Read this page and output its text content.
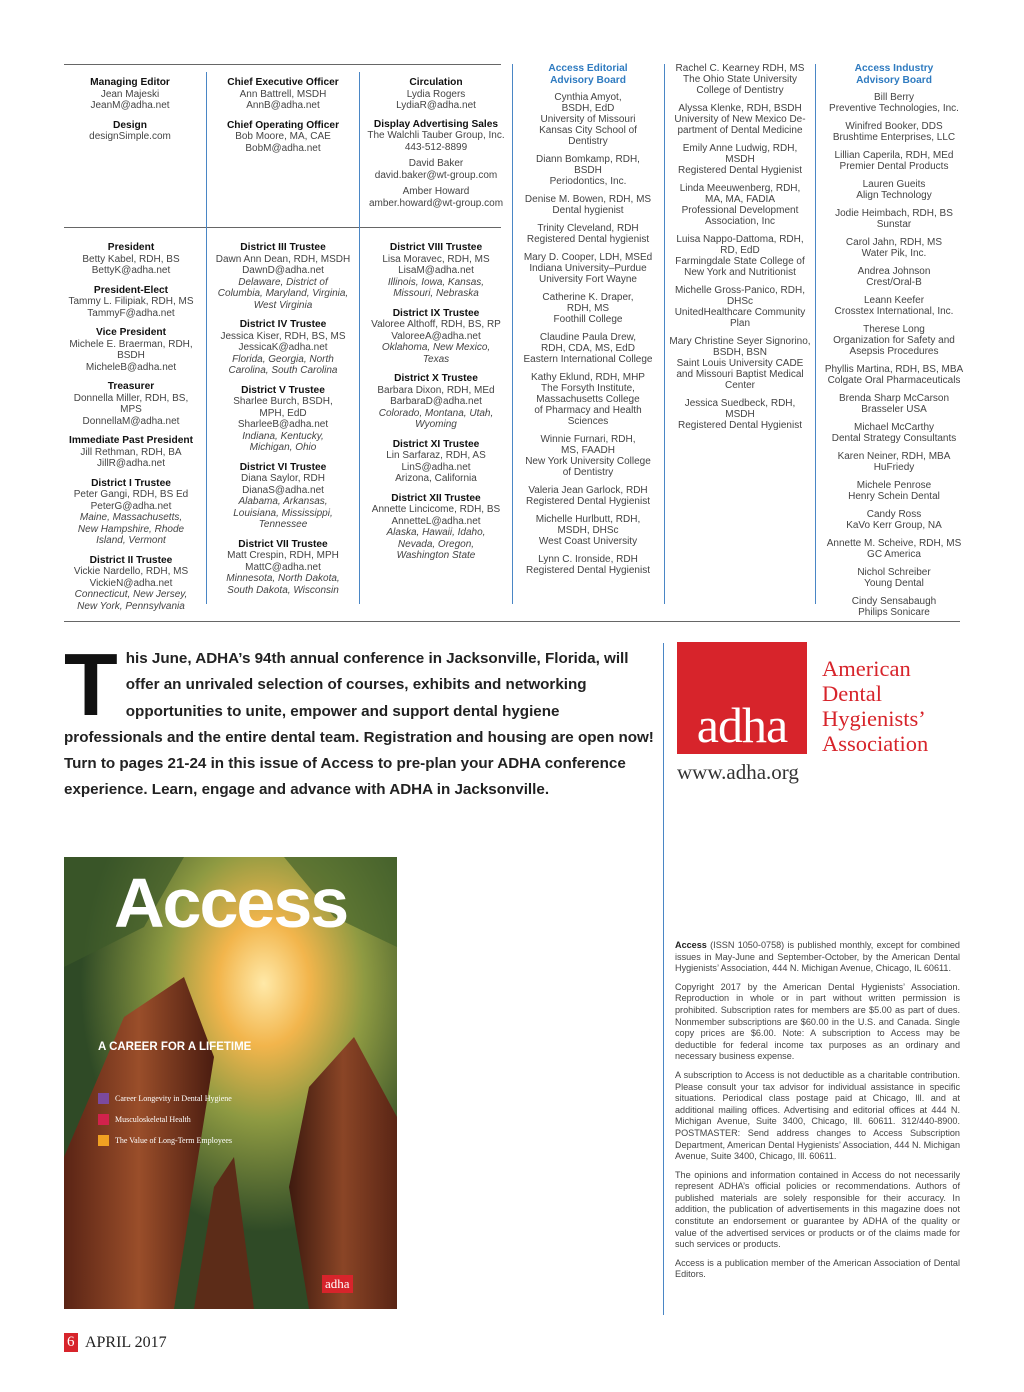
Managing Editor
Jean Majeski
JeanM@adha.net
Design
designSimple.com
Chief Executive Officer
Ann Battrell, MSDH
AnnB@adha.net
Chief Operating Officer
Bob Moore, MA, CAE
BobM@adha.net
Circulation
Lydia Rogers
LydiaR@adha.net
Display Advertising Sales
The Walchli Tauber Group, Inc.
443-512-8899
David Baker
david.baker@wt-group.com
Amber Howard
amber.howard@wt-group.com
President
Betty Kabel, RDH, BS
BettyK@adha.net
President-Elect
Tammy L. Filipiak, RDH, MS
TammyF@adha.net
Vice President
Michele E. Braerman, RDH,
BSDH
MicheleB@adha.net
Treasurer
Donnella Miller, RDH, BS, MPS
DonnellaM@adha.net
Immediate Past President
Jill Rethman, RDH, BA
JillR@adha.net
District I Trustee
Peter Gangi, RDH, BS Ed
PeterG@adha.net
Maine, Massachusetts,
New Hampshire, Rhode
Island, Vermont
District II Trustee
Vickie Nardello, RDH, MS
VickieN@adha.net
Connecticut, New Jersey,
New York, Pennsylvania
District III Trustee
Dawn Ann Dean, RDH, MSDH
DawnD@adha.net
Delaware, District of
Columbia, Maryland, Virginia,
West Virginia
District IV Trustee
Jessica Kiser, RDH, BS, MS
JessicaK@adha.net
Florida, Georgia, North
Carolina, South Carolina
District V Trustee
Sharlee Burch, BSDH,
MPH, EdD
SharleeB@adha.net
Indiana, Kentucky,
Michigan, Ohio
District VI Trustee
Diana Saylor, RDH
DianaS@adha.net
Alabama, Arkansas,
Louisiana, Mississippi,
Tennessee
District VII Trustee
Matt Crespin, RDH, MPH
MattC@adha.net
Minnesota, North Dakota,
South Dakota, Wisconsin
District VIII Trustee
Lisa Moravec, RDH, MS
LisaM@adha.net
Illinois, Iowa, Kansas,
Missouri, Nebraska
District IX Trustee
Valoree Althoff, RDH, BS, RP
ValoreeA@adha.net
Oklahoma, New Mexico,
Texas
District X Trustee
Barbara Dixon, RDH, MEd
BarbaraD@adha.net
Colorado, Montana, Utah,
Wyoming
District XI Trustee
Lin Sarfaraz, RDH, AS
LinS@adha.net
Arizona, California
District XII Trustee
Annette Lincicome, RDH, BS
AnnetteL@adha.net
Alaska, Hawaii, Idaho,
Nevada, Oregon,
Washington State
Access Editorial
Advisory Board
Cynthia Amyot,
BSDH, EdD
University of Missouri
Kansas City School of
Dentistry
Diann Bomkamp, RDH,
BSDH
Periodontics, Inc.
Denise M. Bowen, RDH, MS
Dental hygienist
Trinity Cleveland, RDH
Registered Dental hygienist
Mary D. Cooper, LDH, MSEd
Indiana University–Purdue
University Fort Wayne
Catherine K. Draper,
RDH, MS
Foothill College
Claudine Paula Drew,
RDH, CDA, MS, EdD
Eastern International College
Kathy Eklund, RDH, MHP
The Forsyth Institute,
Massachusetts College
of Pharmacy and Health
Sciences
Winnie Furnari, RDH,
MS, FAADH
New York University College
of Dentistry
Valeria Jean Garlock, RDH
Registered Dental Hygienist
Michelle Hurlbutt, RDH,
MSDH, DHSc
West Coast University
Lynn C. Ironside, RDH
Registered Dental Hygienist
Rachel C. Kearney RDH, MS
The Ohio State University
College of Dentistry
Alyssa Klenke, RDH, BSDH
University of New Mexico De-
partment of Dental Medicine
Emily Anne Ludwig, RDH,
MSDH
Registered Dental Hygienist
Linda Meeuwenberg, RDH,
MA, MA, FADIA
Professional Development
Association, Inc
Luisa Nappo-Dattoma, RDH,
RD, EdD
Farmingdale State College of
New York and Nutritionist
Michelle Gross-Panico, RDH,
DHSc
UnitedHealthcare Community
Plan
Mary Christine Seyer Signorino,
BSDH, BSN
Saint Louis University CADE
and Missouri Baptist Medical
Center
Jessica Suedbeck, RDH, MSDH
Registered Dental Hygienist
Access Industry
Advisory Board
Bill Berry
Preventive Technologies, Inc.
Winifred Booker, DDS
Brushtime Enterprises, LLC
Lillian Caperila, RDH, MEd
Premier Dental Products
Lauren Gueits
Align Technology
Jodie Heimbach, RDH, BS
Sunstar
Carol Jahn, RDH, MS
Water Pik, Inc.
Andrea Johnson
Crest/Oral-B
Leann Keefer
Crosstex International, Inc.
Therese Long
Organization for Safety and
Asepsis Procedures
Phyllis Martina, RDH, BS, MBA
Colgate Oral Pharmaceuticals
Brenda Sharp McCarson
Brasseler USA
Michael McCarthy
Dental Strategy Consultants
Karen Neiner, RDH, MBA
HuFriedy
Michele Penrose
Henry Schein Dental
Candy Ross
KaVo Kerr Group, NA
Annette M. Scheive, RDH, MS
GC America
Nichol Schreiber
Young Dental
Cindy Sensabaugh
Philips Sonicare
This June, ADHA’s 94th annual conference in Jacksonville, Florida, will offer an unrivaled selection of courses, exhibits and networking opportunities to unite, empower and support dental hygiene professionals and the entire dental team. Registration and housing are open now! Turn to pages 21-24 in this issue of Access to pre-plan your ADHA conference experience. Learn, engage and advance with ADHA in Jacksonville.
adha
American
Dental
Hygienists’
Association
www.adha.org
Access
A CAREER FOR A LIFETIME
Career Longevity in Dental Hygiene
Musculoskeletal Health
The Value of Long-Term Employees
adha

Access (ISSN 1050-0758) is published monthly, except for combined issues in May-June and September-October, by the American Dental Hygienists’ Association, 444 N. Michigan Avenue, Chicago, IL 60611.

Copyright 2017 by the American Dental Hygienists’ Association. Reproduction in whole or in part without written permission is prohibited. Subscription rates for members are $5.00 as part of dues. Nonmember subscriptions are $60.00 in the U.S. and Canada. Single copy prices are $6.00. Note: A subscription to Access may be deductible for federal income tax purposes as an ordinary and necessary business expense.

A subscription to Access is not deductible as a charitable contribution. Please consult your tax advisor for individual assistance in specific situations. Periodical class postage paid at Chicago, Ill. and at additional mailing offices. Advertising and editorial offices at 444 N. Michigan Avenue, Suite 3400, Chicago, Ill. 60611. 312/440-8900. POSTMASTER: Send address changes to Access Subscription Department, American Dental Hygienists’ Association, 444 N. Michigan Avenue, Suite 3400, Chicago, Ill. 60611.

The opinions and information contained in Access do not necessarily represent ADHA’s official policies or recommendations. Authors of published materials are solely responsible for their accuracy. In addition, the publication of advertisements in this magazine does not constitute an endorsement or guarantee by ADHA of the quality or value of the advertised services or products or of the claims made for such services or products.

Access is a publication member of the American Association of Dental Editors.

6 APRIL 2017
